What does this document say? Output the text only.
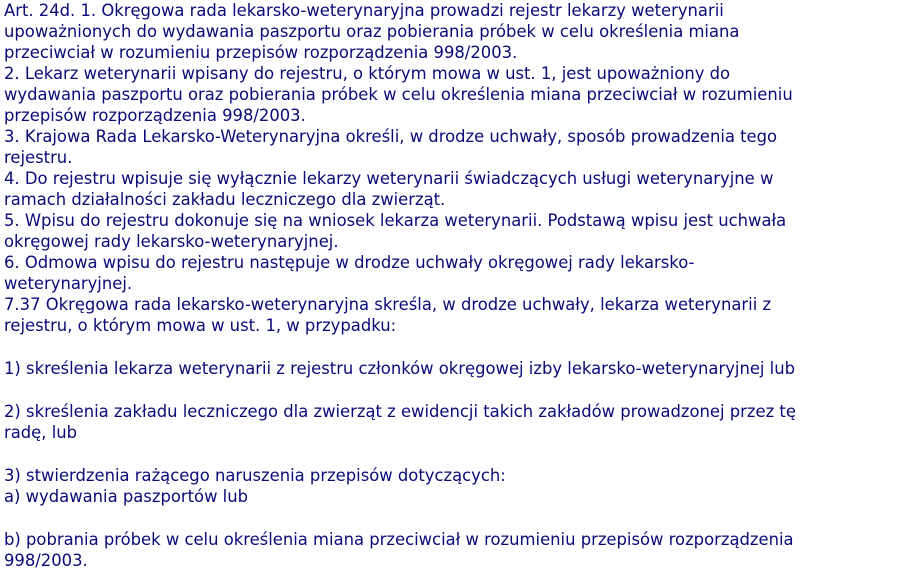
Art. 24d. 1. Okręgowa rada lekarsko-weterynaryjna prowadzi rejestr lekarzy weterynarii
upoważnionych do wydawania paszportu oraz pobierania próbek w celu określenia miana
przeciwciał w rozumieniu przepisów rozporządzenia 998/2003.
2. Lekarz weterynarii wpisany do rejestru, o którym mowa w ust. 1, jest upoważniony do
wydawania paszportu oraz pobierania próbek w celu określenia miana przeciwciał w rozumieniu
przepisów rozporządzenia 998/2003.
3. Krajowa Rada Lekarsko-Weterynaryjna określi, w drodze uchwały, sposób prowadzenia tego
rejestru.
4. Do rejestru wpisuje się wyłącznie lekarzy weterynarii świadczących usługi weterynaryjne w
ramach działalności zakładu leczniczego dla zwierząt.
5. Wpisu do rejestru dokonuje się na wniosek lekarza weterynarii. Podstawą wpisu jest uchwała
okręgowej rady lekarsko-weterynaryjnej.
6. Odmowa wpisu do rejestru następuje w drodze uchwały okręgowej rady lekarsko-
weterynaryjnej.
7.37 Okręgowa rada lekarsko-weterynaryjna skreśla, w drodze uchwały, lekarza weterynarii z
rejestru, o którym mowa w ust. 1, w przypadku:
1) skreślenia lekarza weterynarii z rejestru członków okręgowej izby lekarsko-weterynaryjnej lub
2) skreślenia zakładu leczniczego dla zwierząt z ewidencji takich zakładów prowadzonej przez tę
radę, lub
3) stwierdzenia rażącego naruszenia przepisów dotyczących:
a) wydawania paszportów lub
b) pobrania próbek w celu określenia miana przeciwciał w rozumieniu przepisów rozporządzenia
998/2003.
